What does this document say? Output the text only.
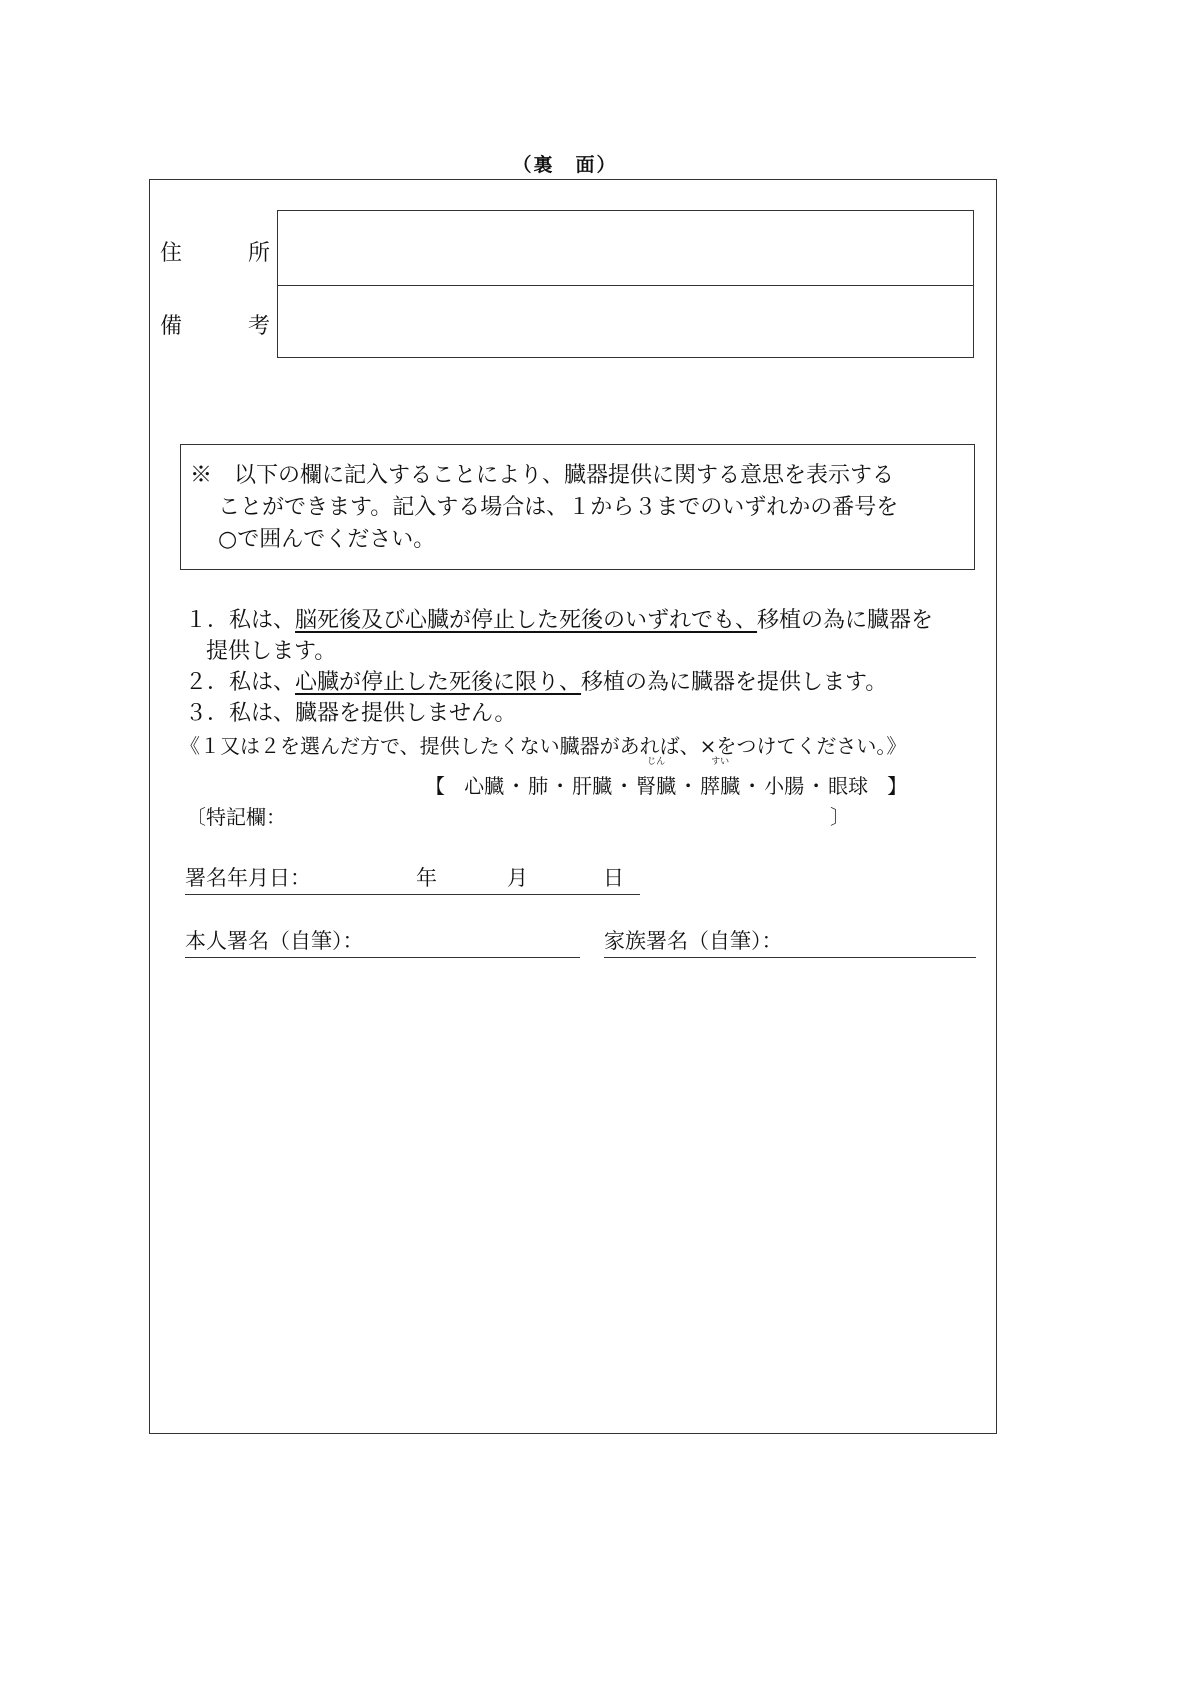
（裏　面）
住	所
備	考
※　以下の欄に記入することにより、臓器提供に関する意思を表示する
ことができます。記入する場合は、１から３までのいずれかの番号を
○で囲んでください。
１．私は、脳死後及び心臓が停止した死後のいずれでも、移植の為に臓器を
提供します。
２．私は、心臓が停止した死後に限り、移植の為に臓器を提供します。
３．私は、臓器を提供しません。
《１又は２を選んだ方で、提供したくない臓器があれば、×をつけてください。》
【 心臓 ・ 肺 ・ 肝臓 ・
じん
腎臓 ・
すい
膵臓 ・ 小腸 ・ 眼球 】
〔特記欄：	〕
署名年月日：	年	月	日
本人署名（自筆）：	家族署名（自筆）：
